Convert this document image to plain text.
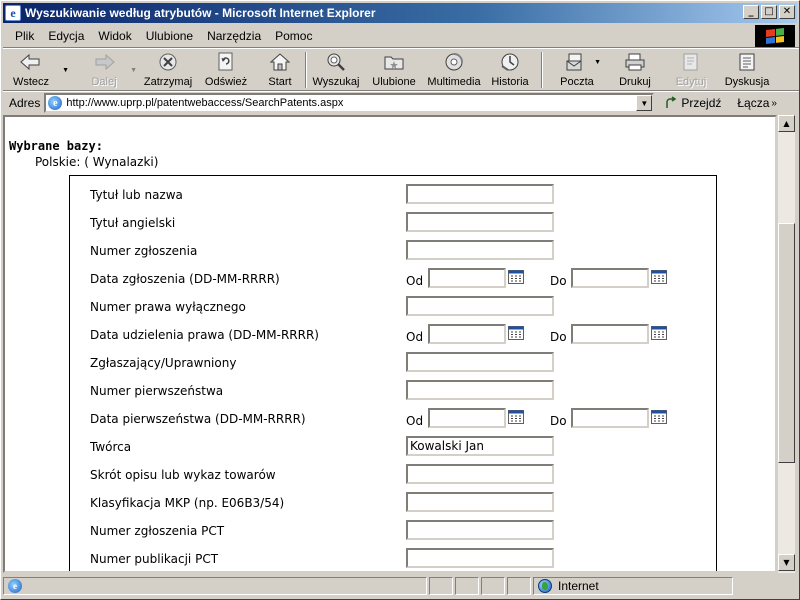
e Wyszukiwanie według atrybutów - Microsoft Internet Explorer	_	□ ✕
Plik	Edycja	Widok	Ulubione	Narzędzia	Pomoc
Wstecz
▼
Dalej
▼
Zatrzymaj Odśwież Start Wyszukaj Ulubione Multimedia Historia	Poczta
▼
Drukuj Edytuj Dyskusja
Adres	e http://www.uprp.pl/patentwebaccess/SearchPatents.aspx	▼	Przejdź Łącza »
Wybrane bazy:
Polskie: ( Wynalazki)
Tytuł lub nazwa
Tytuł angielski
Numer zgłoszenia
Data zgłoszenia (DD-MM-RRRR)	Od	Do
Numer prawa wyłącznego
Data udzielenia prawa (DD-MM-RRRR)	Od	Do
Zgłaszający/Uprawniony
Numer pierwszeństwa
Data pierwszeństwa (DD-MM-RRRR)	Od	Do
Twórca	Kowalski Jan
Skrót opisu lub wykaz towarów
Klasyfikacja MKP (np. E06B3/54)
Numer zgłoszenia PCT
Numer publikacji PCT
▲
▼
e	Internet
